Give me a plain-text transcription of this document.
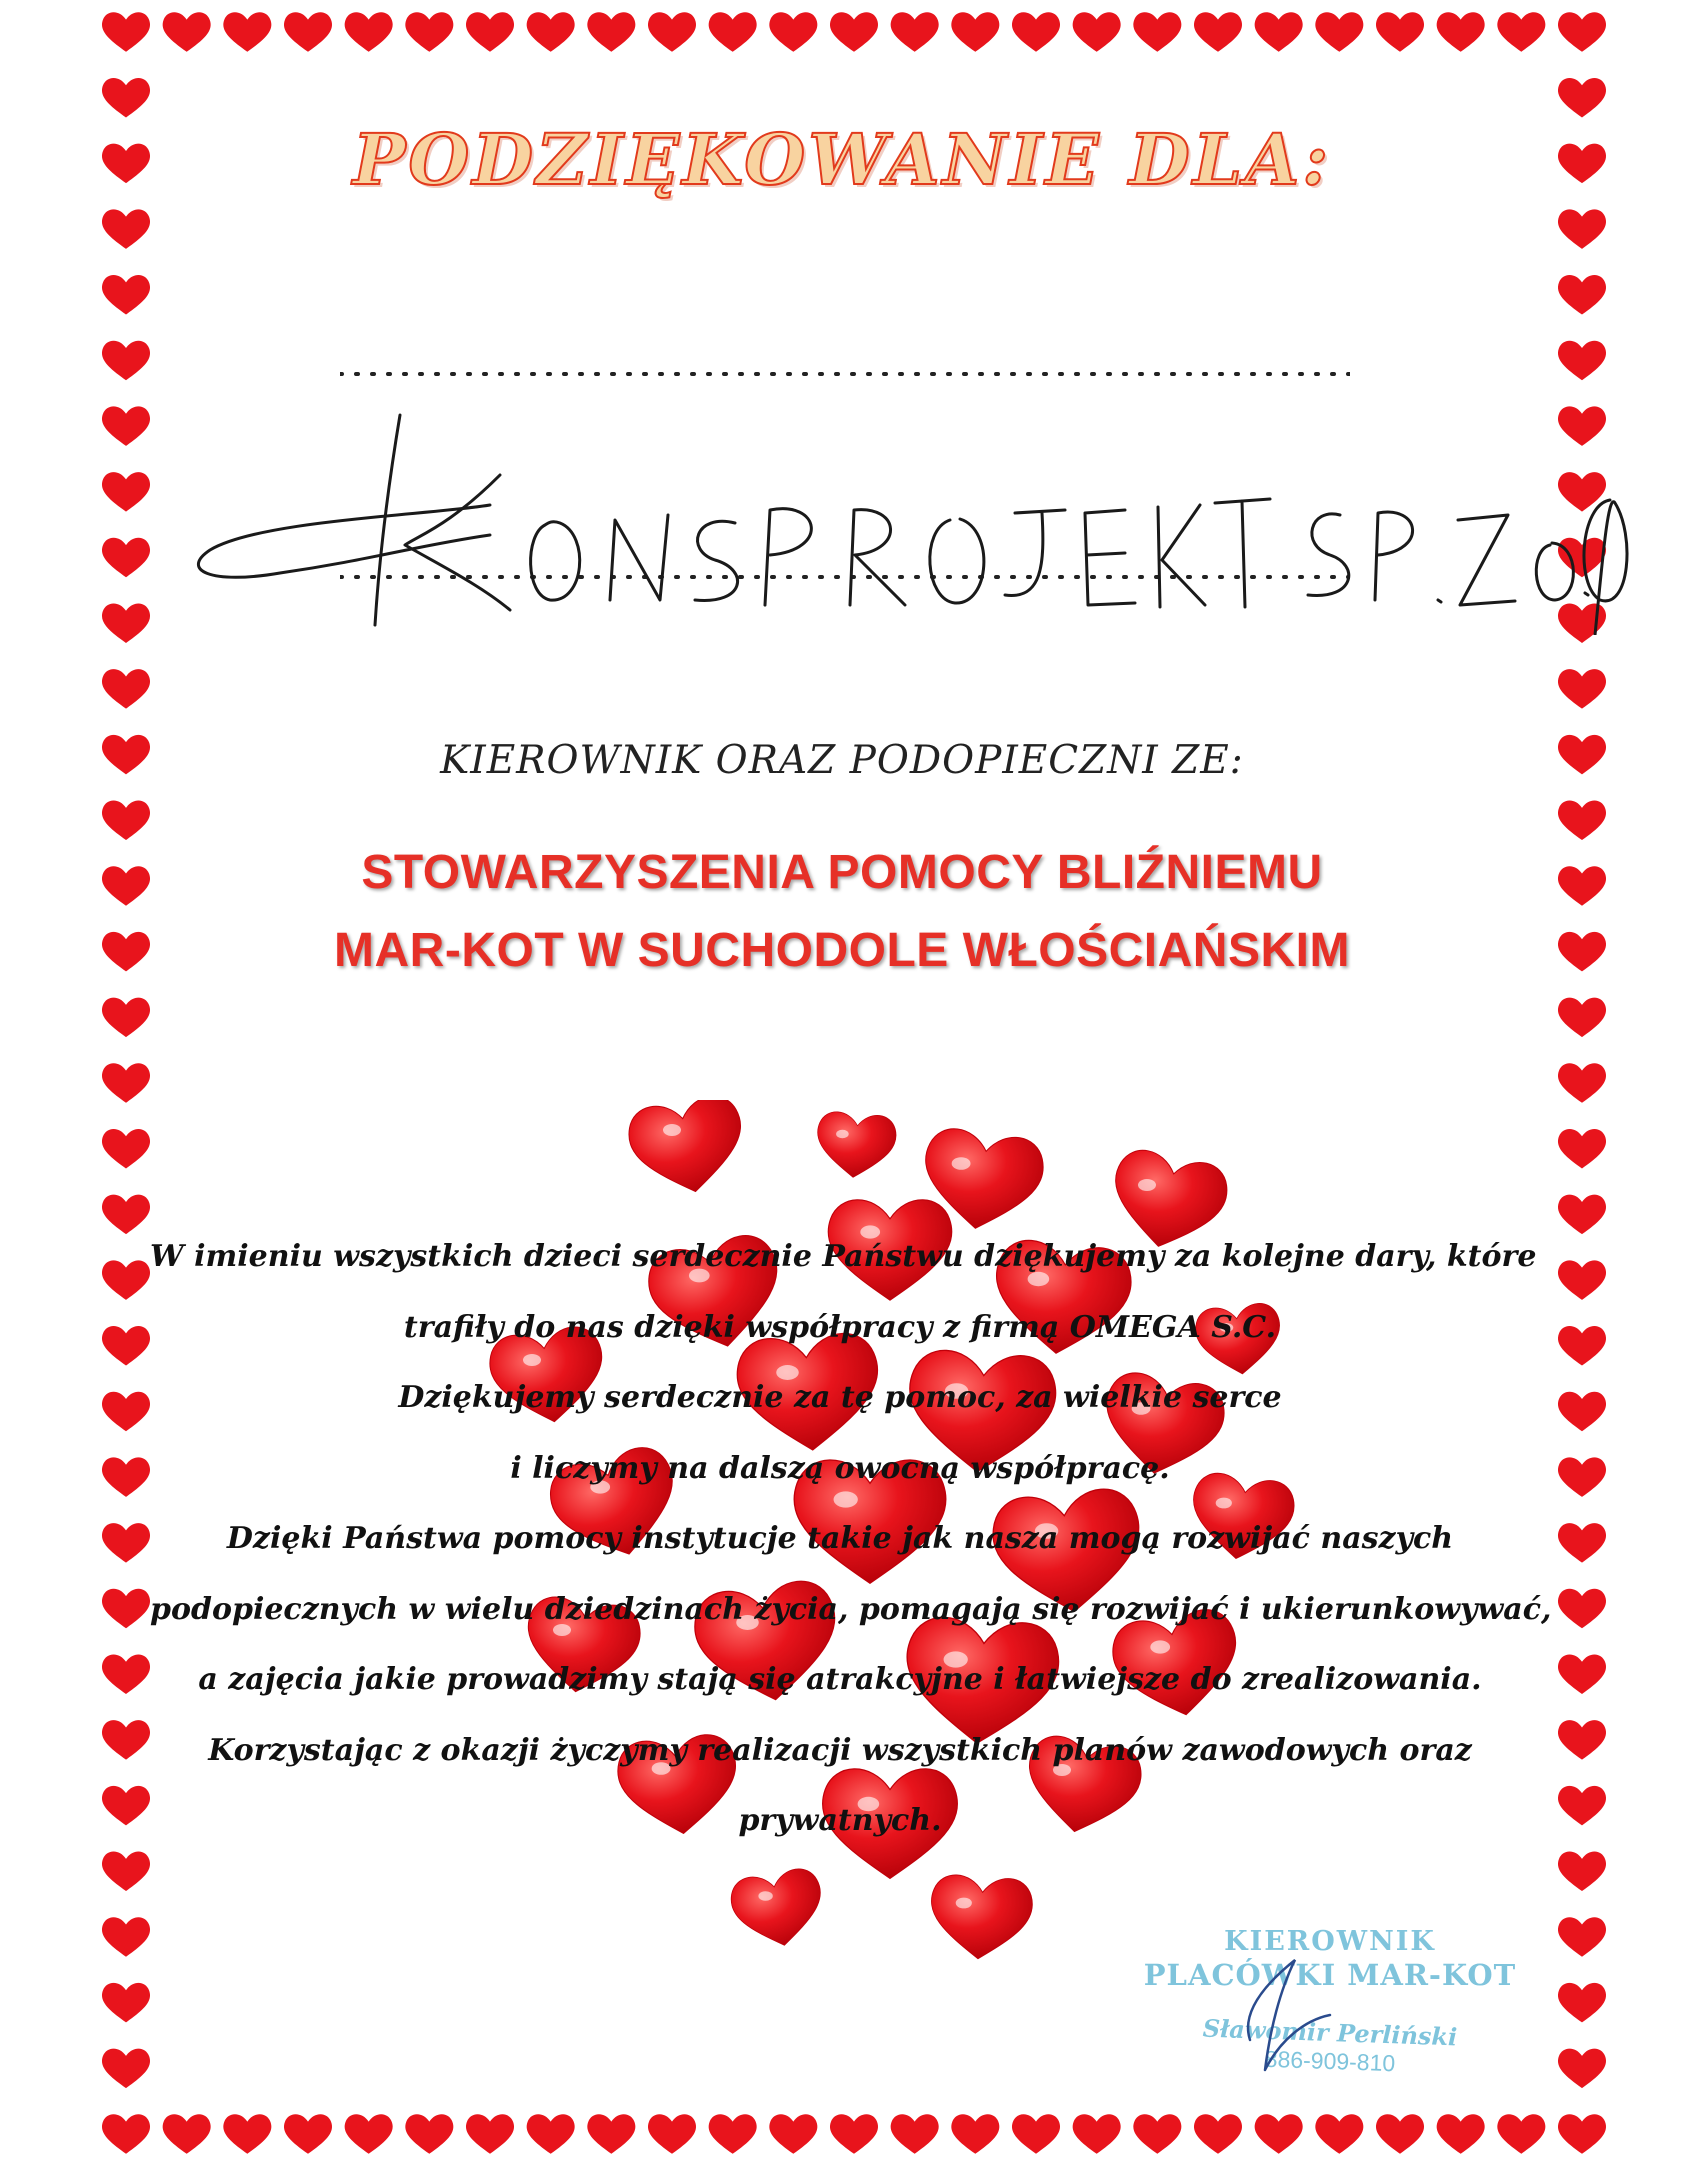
PODZIĘKOWANIE DLA:
KIEROWNIK ORAZ PODOPIECZNI ZE:
STOWARZYSZENIA POMOCY BLIŹNIEMU
MAR-KOT W SUCHODOLE WŁOŚCIAŃSKIM
W imieniu wszystkich dzieci serdecznie Państwu dziękujemy za kolejne dary, które
trafiły do nas dzięki współpracy z firmą OMEGA S.C.
Dziękujemy serdecznie za tę pomoc, za wielkie serce
i liczymy na dalszą owocną współpracę.
Dzięki Państwa pomocy instytucje takie jak nasza mogą rozwijać naszych
podopiecznych w wielu dziedzinach życia, pomagają się rozwijać i ukierunkowywać,
a zajęcia jakie prowadzimy stają się atrakcyjne i łatwiejsze do zrealizowania.
Korzystając z okazji życzymy realizacji wszystkich planów zawodowych oraz
prywatnych.
KIEROWNIK
PLACÓWKI MAR-KOT
Sławomir Perliński
886-909-810
